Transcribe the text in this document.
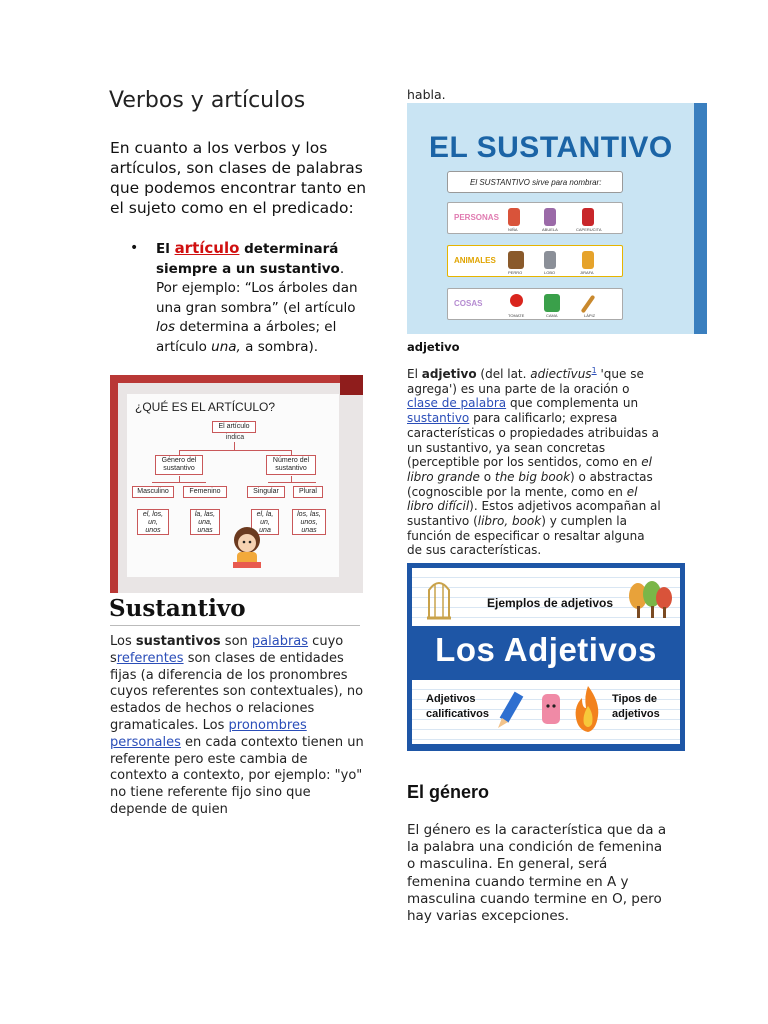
Verbos y artículos

En cuanto a los verbos y los artículos, son clases de palabras que podemos encontrar tanto en el sujeto como en el predicado:

• El artículo determinará siempre a un sustantivo. Por ejemplo: “Los árboles dan una gran sombra” (el artículo los determina a árboles; el artículo una, a sombra).

¿QUÉ ES EL ARTÍCULO?
El artículo
indica
Género del sustantivo
Número del sustantivo
Masculino	Femenino	Singular	Plural
el, los, un, unos
la, las, una, unas
el, la, un, una
los, las, unos, unas
Sustantivo

Los sustantivos son palabras cuyo sreferentes son clases de entidades fijas (a diferencia de los pronombres cuyos referentes son contextuales), no estados de hechos o relaciones gramaticales. Los pronombres personales en cada contexto tienen un referente pero este cambia de contexto a contexto, por ejemplo: "yo" no tiene referente fijo sino que depende de quien

habla.
EL SUSTANTIVO
El SUSTANTIVO sirve para nombrar:
PERSONAS
NIÑA	ABUELA	CAPERUCITA
ANIMALES
PERRO	LOBO	JIRAFA
COSAS
TOMATE	CAMA	LÁPIZ
adjetivo

El adjetivo (del lat. adiectīvus$^1$ 'que se agrega') es una parte de la oración o clase de palabra que complementa un sustantivo para calificarlo; expresa características o propiedades atribuidas a un sustantivo, ya sean concretas (perceptible por los sentidos, como en el libro grande o the big book) o abstractas (cognoscible por la mente, como en el libro difícil). Estos adjetivos acompañan al sustantivo (libro, book) y cumplen la función de especificar o resaltar alguna de sus características.

Ejemplos de adjetivos
Los Adjetivos
Adjetivos
calificativos
Tipos de
adjetivos
El género

El género es la característica que da a la palabra una condición de femenina o masculina. En general, será femenina cuando termine en A y masculina cuando termine en O, pero hay varias excepciones.
